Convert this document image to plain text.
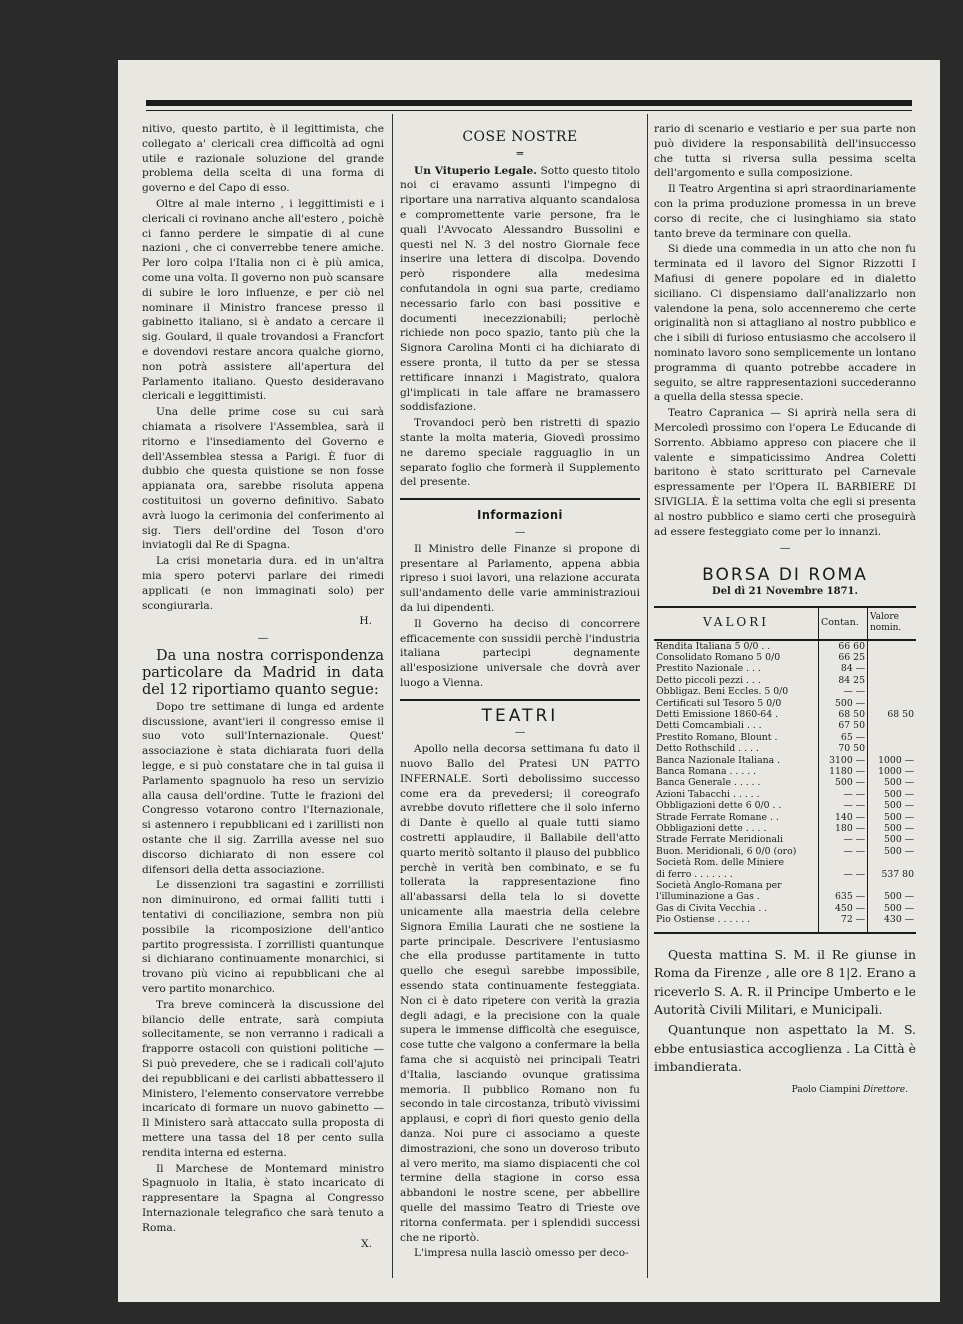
nitivo, questo partito, è il legittimista, che collegato a' clericali crea difficoltà ad ogni utile e razionale soluzione del grande problema della scelta di una forma di governo e del Capo di esso.

Oltre al male interno , i leggittimisti e i clericali ci rovinano anche all'estero , poichè ci fanno perdere le simpatie di al cune nazioni , che ci converrebbe tenere amiche. Per loro colpa l'Italia non ci è più amica, come una volta. Il governo non può scansare di subire le loro influenze, e per ciò nel nominare il Ministro francese presso il gabinetto italiano, si è andato a cercare il sig. Goulard, il quale trovandosi a Francfort e dovendovi restare ancora qualche giorno, non potrà assistere all'apertura del Parlamento italiano. Questo desideravano clericali e leggittimisti.

Una delle prime cose su cui sarà chiamata a risolvere l'Assemblea, sarà il ritorno e l'insediamento del Governo e dell'Assemblea stessa a Parigi. È fuor di dubbio che questa quistione se non fosse appianata ora, sarebbe risoluta appena costituitosi un governo definitivo. Sabato avrà luogo la cerimonia del conferimento al sig. Tiers dell'ordine del Toson d'oro inviatogli dal Re di Spagna.

La crisi monetaria dura. ed in un'altra mia spero potervi parlare dei rimedi applicati (e non immaginati solo) per scongiurarla.

H.
—

Da una nostra corrispondenza particolare da Madrid in data del 12 riportiamo quanto segue:

Dopo tre settimane di lunga ed ardente discussione, avant'ieri il congresso emise il suo voto sull'Internazionale. Quest' associazione è stata dichiarata fuori della legge, e si può constatare che in tal guisa il Parlamento spagnuolo ha reso un servizio alla causa dell'ordine. Tutte le frazioni del Congresso votarono contro l'Iternazionale, si astennero i repubblicani ed i zarillisti non ostante che il sig. Zarrilla avesse nel suo discorso dichiarato di non essere col difensori della detta associazione.

Le dissenzioni tra sagastini e zorrillisti non diminuirono, ed ormai falliti tutti i tentativi di conciliazione, sembra non più possibile la ricomposizione dell'antico partito progressista. I zorrillisti quantunque si dichiarano continuamente monarchici, si trovano più vicino ai repubblicani che al vero partito monarchico.

Tra breve comincerà la discussione del bilancio delle entrate, sarà compiuta sollecitamente, se non verranno i radicali a frapporre ostacoli con quistioni politiche — Si può prevedere, che se i radicali coll'ajuto dei repubblicani e dei carlisti abbattessero il Ministero, l'elemento conservatore verrebbe incaricato di formare un nuovo gabinetto — Il Ministero sarà attaccato sulla proposta di mettere una tassa del 18 per cento sulla rendita interna ed esterna.

Il Marchese de Montemard ministro Spagnuolo in Italia, è stato incaricato di rappresentare la Spagna al Congresso Internazionale telegrafico che sarà tenuto a Roma.

X.
COSE NOSTRE
═

Un Vituperio Legale. Sotto questo titolo noi ci eravamo assunti l'impegno di riportare una narrativa alquanto scandalosa e compromettente varie persone, fra le quali l'Avvocato Alessandro Bussolini e questi nel N. 3 del nostro Giornale fece inserire una lettera di discolpa. Dovendo però rispondere alla medesima confutandola in ogni sua parte, crediamo necessario farlo con basi possitive e documenti inecezzionabili; perlochè richiede non poco spazio, tanto più che la Signora Carolina Monti ci ha dichiarato di essere pronta, il tutto da per se stessa rettificare innanzi i Magistrato, qualora gl'implicati in tale affare ne bramassero soddisfazione.

Trovandoci però ben ristretti di spazio stante la molta materia, Giovedì prossimo ne daremo speciale ragguaglio in un separato foglio che formerà il Supplemento del presente.

Informazioni
—

Il Ministro delle Finanze si propone di presentare al Parlamento, appena abbia ripreso i suoi lavori, una relazione accurata sull'andamento delle varie amministrazioui da lui dipendenti.

Il Governo ha deciso di concorrere efficacemente con sussidii perchè l'industria italiana partecipi degnamente all'esposizione universale che dovrà aver luogo a Vienna.

TEATRI
—

Apollo nella decorsa settimana fu dato il nuovo Ballo del Pratesi UN PATTO INFERNALE. Sortì debolissimo successo come era da prevedersi; il coreografo avrebbe dovuto riflettere che il solo inferno di Dante è quello al quale tutti siamo costretti applaudire, il Ballabile dell'atto quarto meritò soltanto il plauso del pubblico perchè in verità ben combinato, e se fu tollerata la rappresentazione fino all'abassarsi della tela lo si dovette unicamente alla maestria della celebre Signora Emilia Laurati che ne sostiene la parte principale. Descrivere l'entusiasmo che ella produsse partitamente in tutto quello che eseguì sarebbe impossibile, essendo stata continuamente festeggiata. Non ci è dato ripetere con verità la grazia degli adagi, e la precisione con la quale supera le immense difficoltà che eseguisce, cose tutte che valgono a confermare la bella fama che si acquistò nei principali Teatri d'Italia, lasciando ovunque gratissima memoria. Il pubblico Romano non fu secondo in tale circostanza, tributò vivissimi applausi, e coprì di fiori questo genio della danza. Noi pure ci associamo a queste dimostrazioni, che sono un doveroso tributo al vero merito, ma siamo dispiacenti che col termine della stagione in corso essa abbandoni le nostre scene, per abbellire quelle del massimo Teatro di Trieste ove ritorna confermata. per i splendidi successi che ne riportò.

L'impresa nulla lasciò omesso per deco-

rario di scenario e vestiario e per sua parte non può dividere la responsabilità dell'insuccesso che tutta si riversa sulla pessima scelta dell'argomento e sulla composizione.

Il Teatro Argentina si aprì straordinariamente con la prima produzione promessa in un breve corso di recite, che ci lusinghiamo sia stato tanto breve da terminare con quella.

Si diede una commedia in un atto che non fu terminata ed il lavoro del Signor Rizzotti I Mafiusi di genere popolare ed in dialetto siciliano. Ci dispensiamo dall'analizzarlo non valendone la pena, solo accenneremo che certe originalità non si attagliano al nostro pubblico e che i sibili di furioso entusiasmo che accolsero il nominato lavoro sono semplicemente un lontano programma di quanto potrebbe accadere in seguito, se altre rappresentazioni succederanno a quella della stessa specie.

Teatro Capranica — Si aprirà nella sera di Mercoledì prossimo con l'opera Le Educande di Sorrento. Abbiamo appreso con piacere che il valente e simpaticissimo Andrea Coletti baritono è stato scritturato pel Carnevale espressamente per l'Opera IL BARBIERE DI SIVIGLIA. È la settima volta che egli si presenta al nostro pubblico e siamo certi che proseguirà ad essere festeggiato come per lo innanzi.

—
BORSA DI ROMA
Del dì 21 Novembre 1871.
VALORI	Contan.	Valore nomin.
Rendita Italiana 5 0/0 . .	66 60	
Consolidato Romano 5 0/0	66 25	
Prestito Nazionale . . .	84 —	
Detto piccoli pezzi . . .	84 25	
Obbligaz. Beni Eccles. 5 0/0	— —	
Certificati sul Tesoro 5 0/0	500 —	
Detti Emissione 1860-64 .	68 50	68 50
Detti Comcambiali . . .	67 50	
Prestito Romano, Blount .	65 —	
Detto Rothschild . . . .	70 50	
Banca Nazionale Italiana .	3100 —	1000 —
Banca Romana . . . . .	1180 —	1000 —
Banca Generale . . . . .	500 —	500 —
Azioni Tabacchi . . . . .	— —	500 —
Obbligazioni dette 6 0/0 . .	— —	500 —
Strade Ferrate Romane . .	140 —	500 —
Obbligazioni dette . . . .	180 —	500 —
Strade Ferrate Meridionali	— —	500 —
Buon. Meridionali, 6 0/0 (oro)	— —	500 —
Società Rom. delle Miniere		
di ferro . . . . . . .	— —	537 80
Società Anglo-Romana per		
l'illuminazione a Gas .	635 —	500 —
Gas di Civita Vecchia . .	450 —	500 —
Pio Ostiense . . . . . .	72 —	430 —

Questa mattina S. M. il Re giunse in Roma da Firenze , alle ore 8 1|2. Erano a riceverlo S. A. R. il Principe Umberto e le Autorità Civili Militari, e Municipali.

Quantunque non aspettato la M. S. ebbe entusiastica accoglienza . La Città è imbandierata.

Paolo Ciampini Direttore.
